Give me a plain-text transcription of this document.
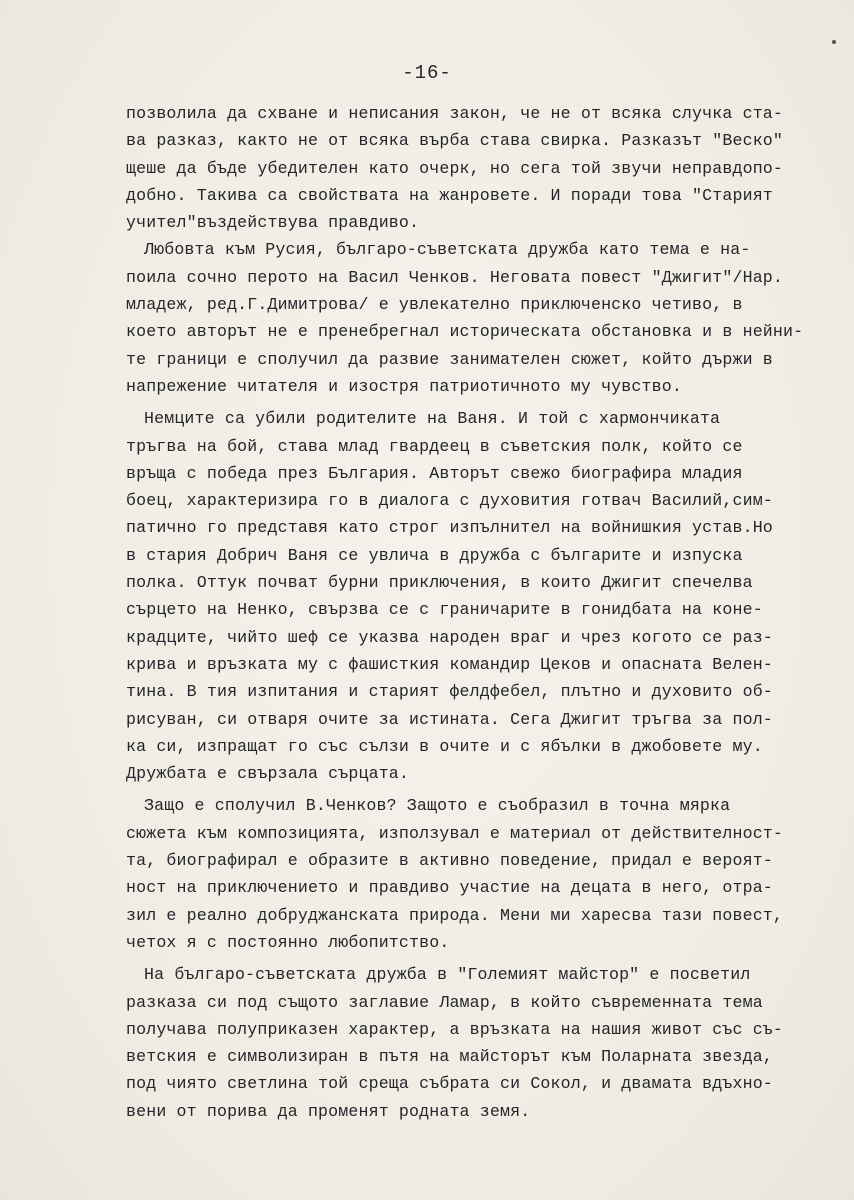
-16-
позволила да схване и неписания закон, че не от всяка случка ста-
ва разказ, както не от всяка върба става свирка. Разказът "Веско"
щеше да бъде убедителен като очерк, но сега той звучи неправдопо-
добно. Такива са свойствата на жанровете. И поради това "Старият
учител"въздействува правдиво.
Любовта към Русия, българо-съветската дружба като тема е на-
поила сочно перото на Васил Ченков. Неговата повест "Джигит"/Нар.
младеж, ред.Г.Димитрова/ е увлекателно приключенско четиво, в
което авторът не е пренебрегнал историческата обстановка и в нейни-
те граници е сполучил да развие занимателен сюжет, който държи в
напрежение читателя и изостря патриотичното му чувство.
Немците са убили родителите на Ваня. И той с хармончиката
тръгва на бой, става млад гвардеец в съветския полк, който се
връща с победа през България. Авторът свежо биографира младия
боец, характеризира го в диалога с духовития готвач Василий,сим-
патично го представя като строг изпълнител на войнишкия устав.Но
в стария Добрич Ваня се увлича в дружба с българите и изпуска
полка. Оттук почват бурни приключения, в които Джигит спечелва
сърцето на Ненко, свързва се с граничарите в гонидбата на коне-
крадците, чийто шеф се указва народен враг и чрез когото се раз-
крива и връзката му с фашисткия командир Цеков и опасната Велен-
тина. В тия изпитания и старият фелдфебел, плътно и духовито об-
рисуван, си отваря очите за истината. Сега Джигит тръгва за пол-
ка си, изпращат го със сълзи в очите и с ябълки в джобовете му.
Дружбата е свързала сърцата.
Защо е сполучил В.Ченков? Защото е съобразил в точна мярка
сюжета към композицията, използувал е материал от действителност-
та, биографирал е образите в активно поведение, придал е вероят-
ност на приключението и правдиво участие на децата в него, отра-
зил е реално добруджанската природа. Мени ми харесва тази повест,
четох я с постоянно любопитство.
На българо-съветската дружба в "Големият майстор" е посветил
разказа си под същото заглавие Ламар, в който съвременната тема
получава полуприказен характер, а връзката на нашия живот със съ-
ветския е символизиран в пътя на майсторът към Поларната звезда,
под чиято светлина той среща събрата си Сокол, и двамата вдъхно-
вени от порива да променят родната земя.
